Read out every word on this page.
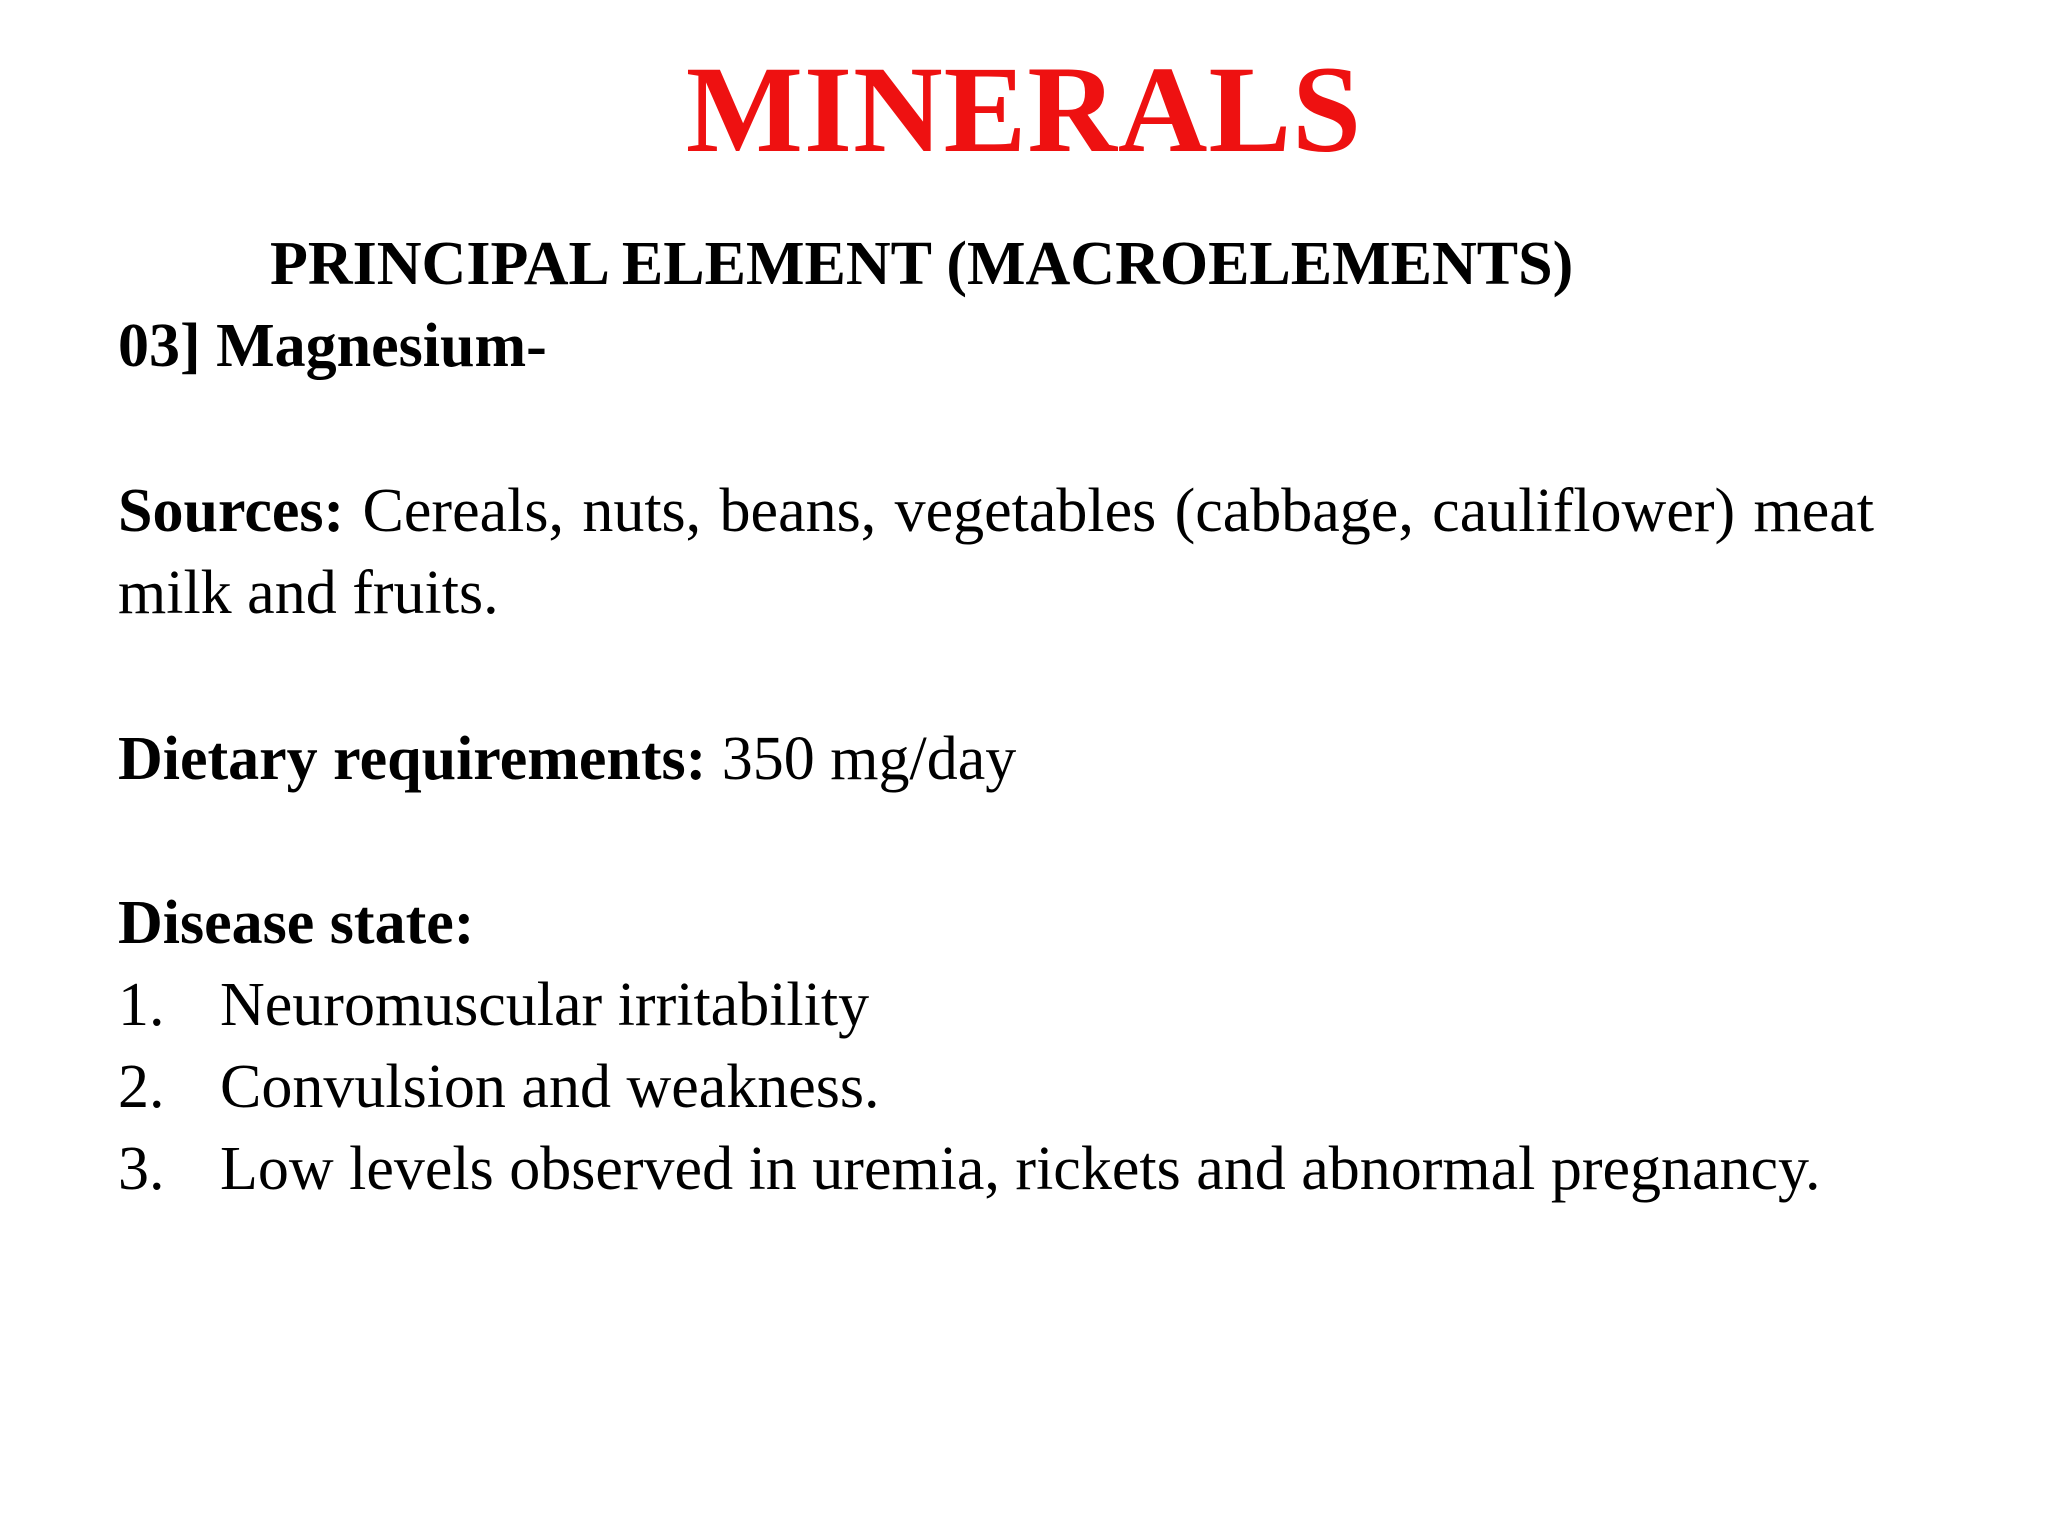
MINERALS
PRINCIPAL ELEMENT (MACROELEMENTS)
03] Magnesium-
Sources: Cereals, nuts, beans, vegetables (cabbage, cauliflower) meat milk and fruits.
Dietary requirements: 350 mg/day
Disease state:
1. Neuromuscular irritability
2. Convulsion and weakness.
3. Low levels observed in uremia, rickets and abnormal pregnancy.
